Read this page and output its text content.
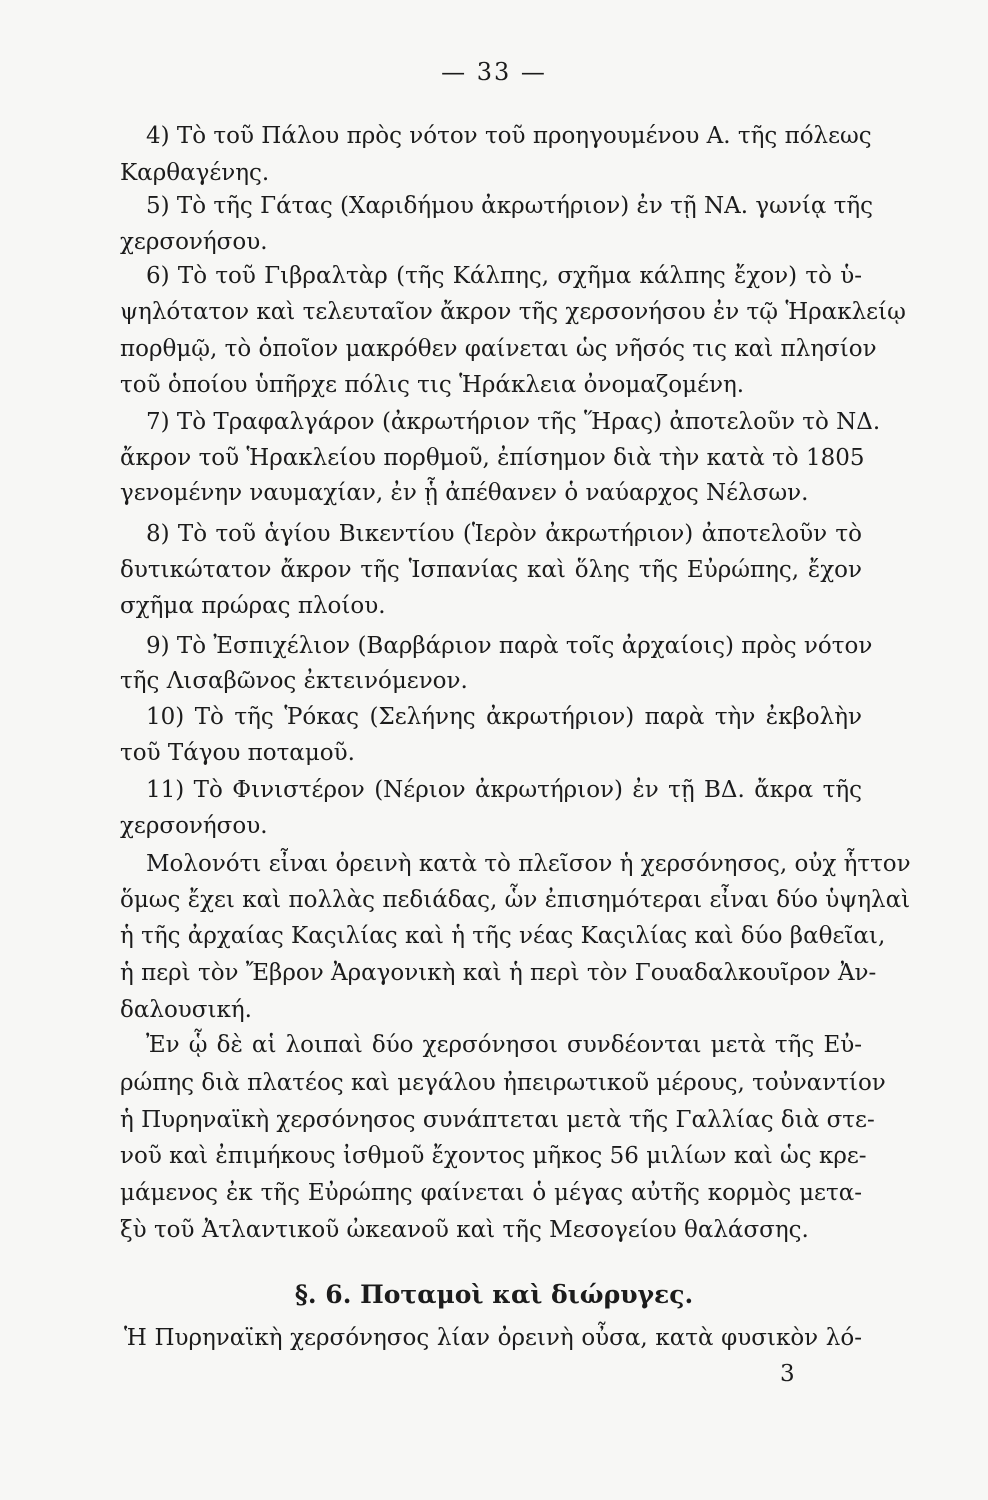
— 33 —
4) Τὸ τοῦ Πάλου πρὸς νότον τοῦ προηγουμένου Α. τῆς πόλεως
Καρθαγένης.
5) Τὸ τῆς Γάτας (Χαριδήμου ἀκρωτήριον) ἐν τῇ ΝΑ. γωνίᾳ τῆς
χερσονήσου.
6) Τὸ τοῦ Γιβραλτὰρ (τῆς Κάλπης, σχῆμα κάλπης ἔχον) τὸ ὑ-
ψηλότατον καὶ τελευταῖον ἄκρον τῆς χερσονήσου ἐν τῷ Ἡρακλείῳ
πορθμῷ, τὸ ὁποῖον μακρόθεν φαίνεται ὡς νῆσός τις καὶ πλησίον
τοῦ ὁποίου ὑπῆρχε πόλις τις Ἡράκλεια ὀνομαζομένη.
7) Τὸ Τραφαλγάρον (ἀκρωτήριον τῆς Ἥρας) ἀποτελοῦν τὸ ΝΔ.
ἄκρον τοῦ Ἡρακλείου πορθμοῦ, ἐπίσημον διὰ τὴν κατὰ τὸ 1805
γενομένην ναυμαχίαν, ἐν ᾗ ἀπέθανεν ὁ ναύαρχος Νέλσων.
8) Τὸ τοῦ ἁγίου Βικεντίου (Ἱερὸν ἀκρωτήριον) ἀποτελοῦν τὸ
δυτικώτατον ἄκρον τῆς Ἱσπανίας καὶ ὅλης τῆς Εὐρώπης, ἔχον
σχῆμα πρώρας πλοίου.
9) Τὸ Ἐσπιχέλιον (Βαρβάριον παρὰ τοῖς ἀρχαίοις) πρὸς νότον
τῆς Λισαβῶνος ἐκτεινόμενον.
10) Τὸ τῆς Ῥόκας (Σελήνης ἀκρωτήριον) παρὰ τὴν ἐκβολὴν
τοῦ Τάγου ποταμοῦ.
11) Τὸ Φινιστέρον (Νέριον ἀκρωτήριον) ἐν τῇ ΒΔ. ἄκρα τῆς
χερσονήσου.
Μολονότι εἶναι ὀρεινὴ κατὰ τὸ πλεῖσον ἡ χερσόνησος, οὐχ ἧττον
ὅμως ἔχει καὶ πολλὰς πεδιάδας, ὧν ἐπισημότεραι εἶναι δύο ὑψηλαὶ
ἡ τῆς ἀρχαίας Καςιλίας καὶ ἡ τῆς νέας Καςιλίας καὶ δύο βαθεῖαι,
ἡ περὶ τὸν Ἔβρον Ἀραγονικὴ καὶ ἡ περὶ τὸν Γουαδαλκουῖρον Ἀν-
δαλουσική.
Ἐν ᾧ δὲ αἱ λοιπαὶ δύο χερσόνησοι συνδέονται μετὰ τῆς Εὐ-
ρώπης διὰ πλατέος καὶ μεγάλου ἠπειρωτικοῦ μέρους, τοὐναντίον
ἡ Πυρηναϊκὴ χερσόνησος συνάπτεται μετὰ τῆς Γαλλίας διὰ στε-
νοῦ καὶ ἐπιμήκους ἰσθμοῦ ἔχοντος μῆκος 56 μιλίων καὶ ὡς κρε-
μάμενος ἐκ τῆς Εὐρώπης φαίνεται ὁ μέγας αὐτῆς κορμὸς μετα-
ξὺ τοῦ Ἀτλαντικοῦ ὠκεανοῦ καὶ τῆς Μεσογείου θαλάσσης.
§. 6. Ποταμοὶ καὶ διώρυγες.
Ἡ Πυρηναϊκὴ χερσόνησος λίαν ὀρεινὴ οὖσα, κατὰ φυσικὸν λό-
3
